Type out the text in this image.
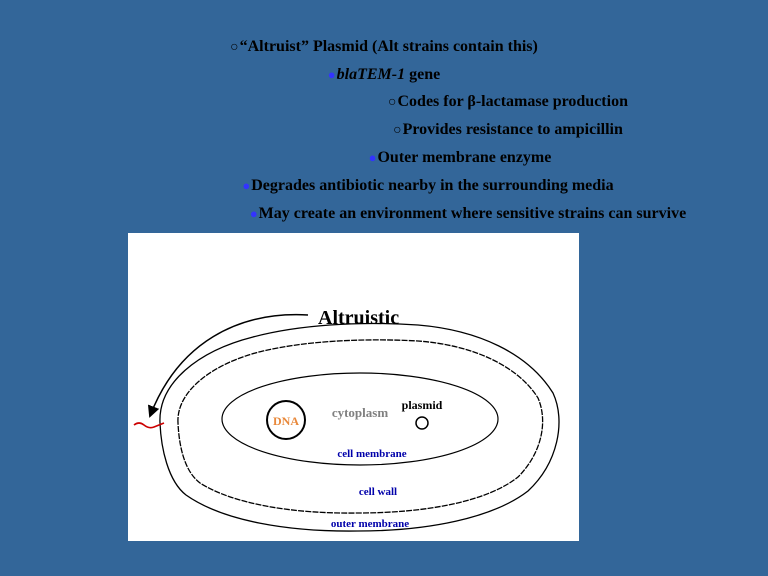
○“Altruist” Plasmid (Alt strains contain this)
●blaTEM-1 gene
○Codes for β-lactamase production
○Provides resistance to ampicillin
●Outer membrane enzyme
●Degrades antibiotic nearby in the surrounding media
●May create an environment where sensitive strains can survive
Altruistic
DNA
cytoplasm plasmid
cell membrane
cell wall
outer membrane
